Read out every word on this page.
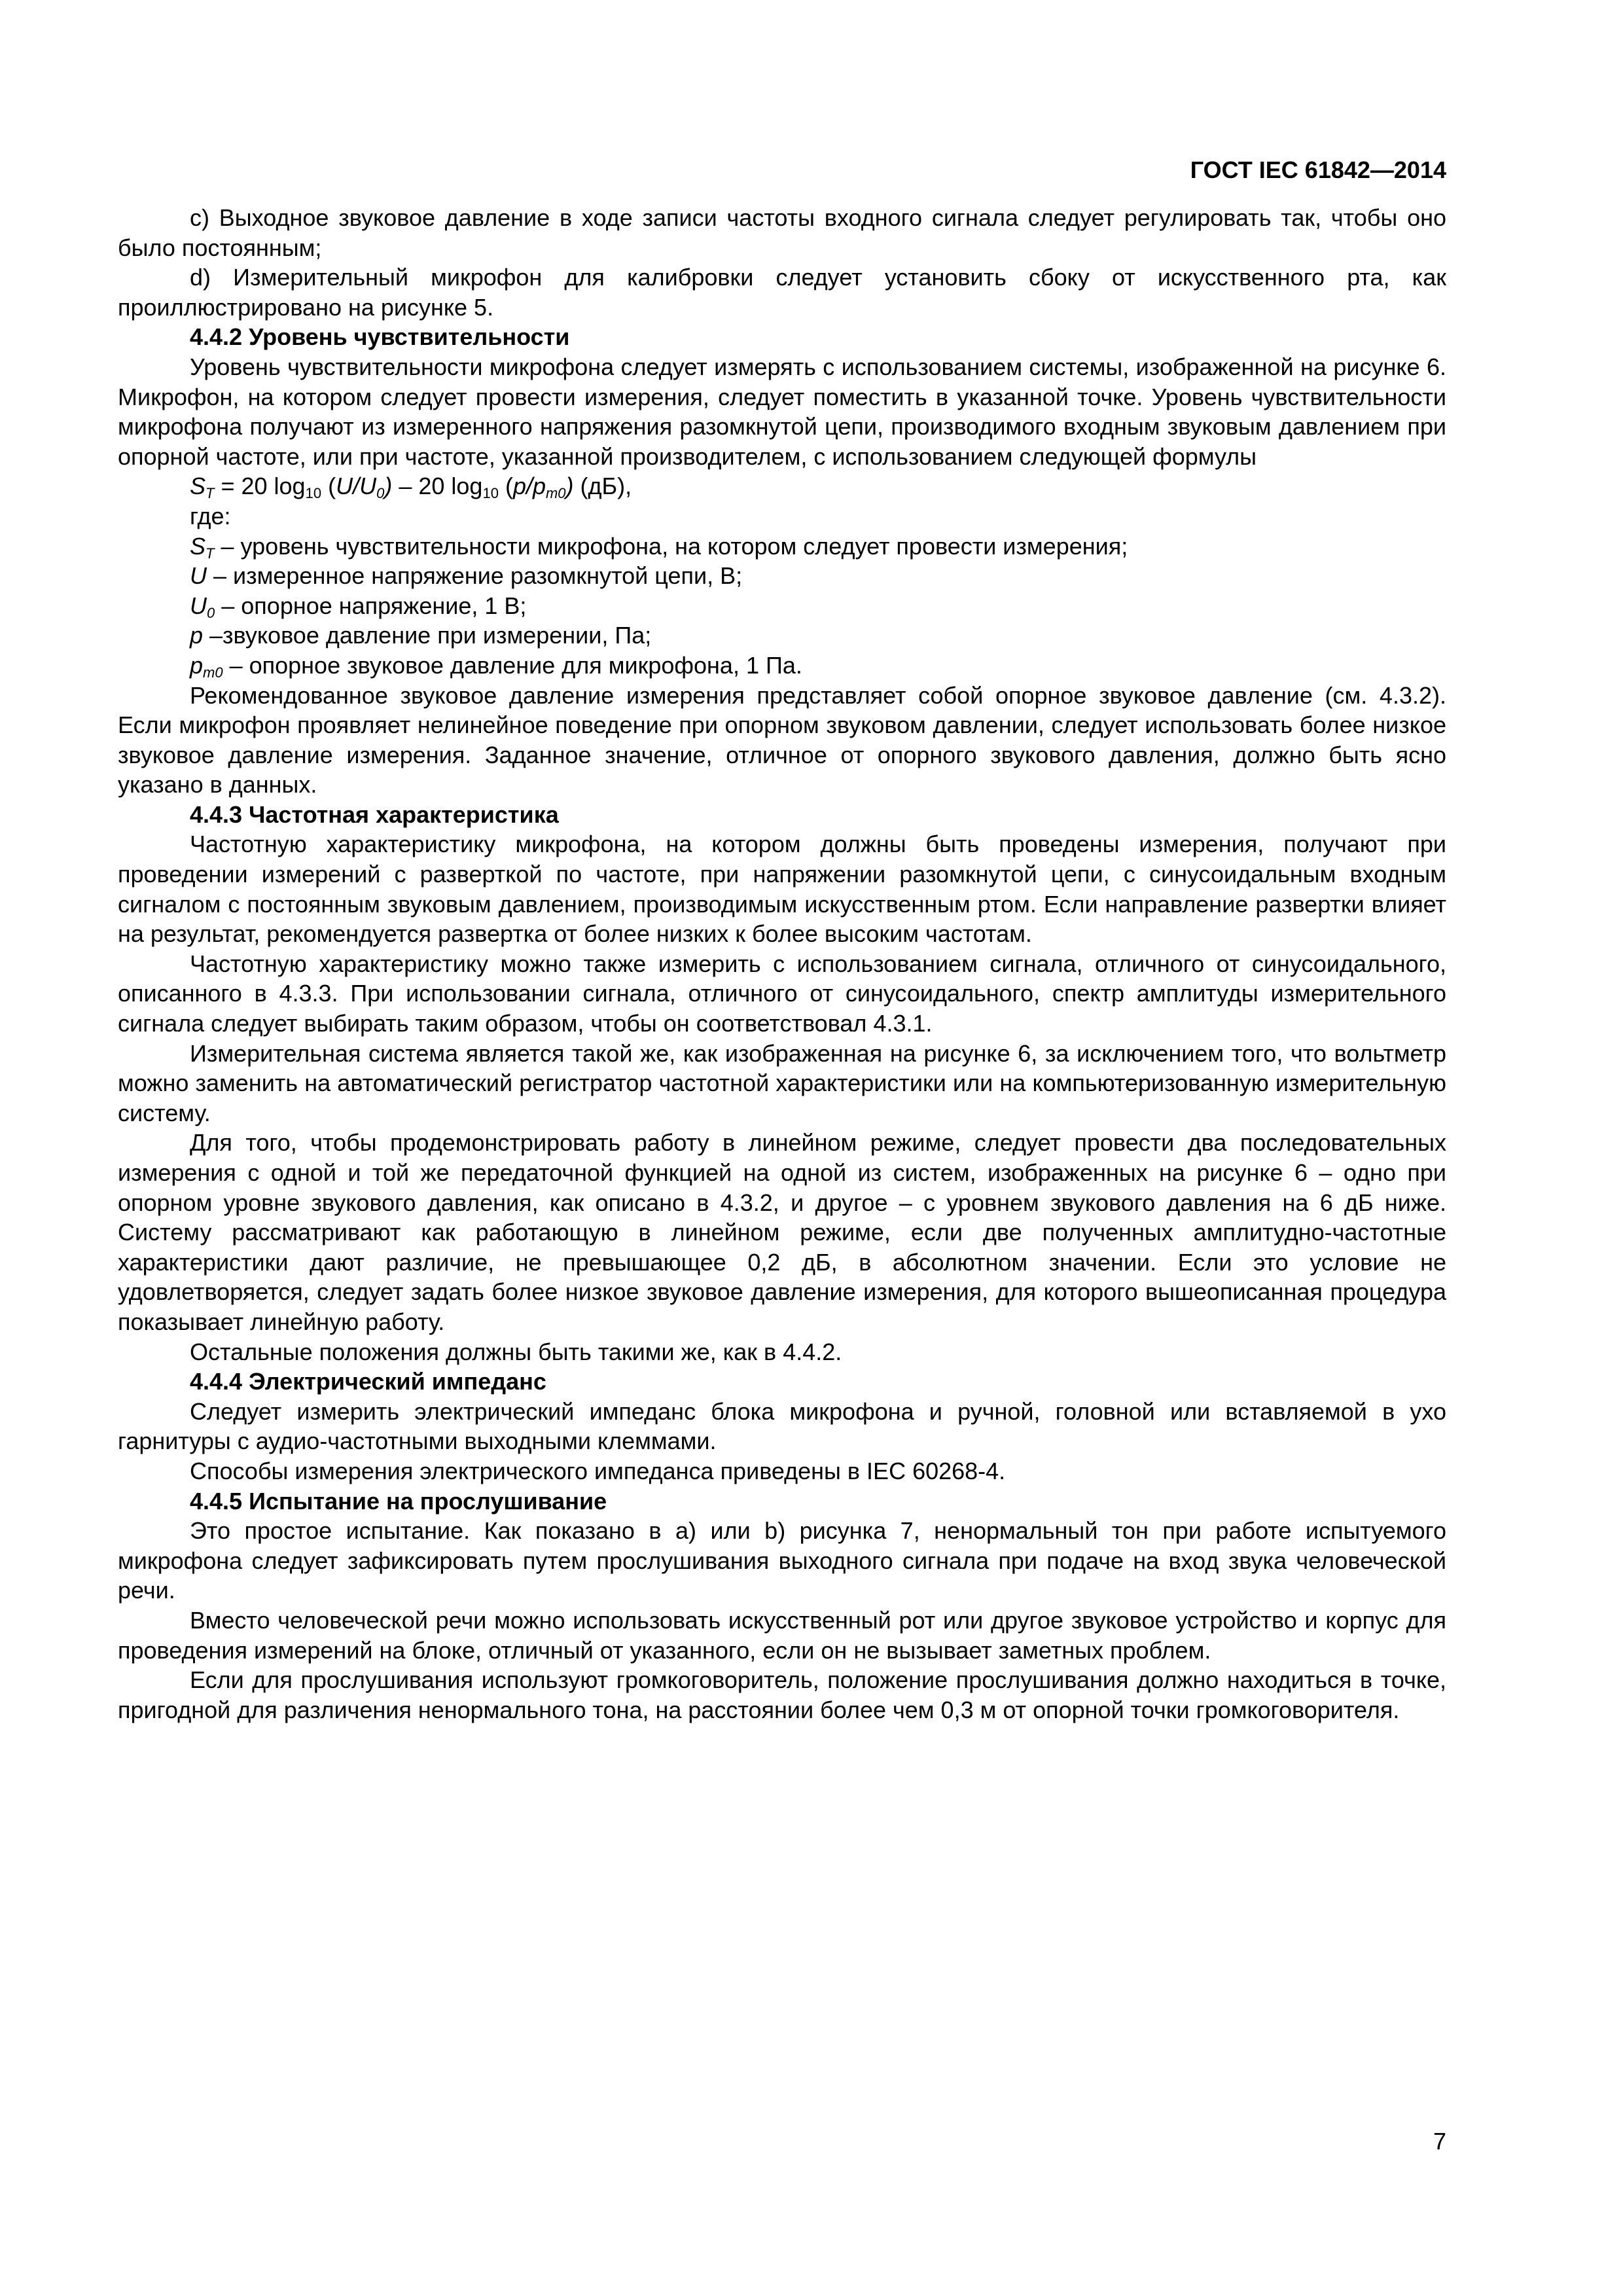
ГОСТ IEC 61842—2014

c) Выходное звуковое давление в ходе записи частоты входного сигнала следует регулировать так, чтобы оно было постоянным;

d) Измерительный микрофон для калибровки следует установить сбоку от искусственного рта, как проиллюстрировано на рисунке 5.

4.4.2 Уровень чувствительности

Уровень чувствительности микрофона следует измерять с использованием системы, изображенной на рисунке 6. Микрофон, на котором следует провести измерения, следует поместить в указанной точке. Уровень чувствительности микрофона получают из измеренного напряжения разомкнутой цепи, производимого входным звуковым давлением при опорной частоте, или при частоте, указанной производителем, с использованием следующей формулы

$S_T = 20$ $\log_{10} (U/U_0) - 20$ $\log_{10} (p/p_{m0})$ (дБ),

где:

$S_T$ – уровень чувствительности микрофона, на котором следует провести измерения;

U – измеренное напряжение разомкнутой цепи, В;

$U_0$ – опорное напряжение, 1 В;

p –звуковое давление при измерении, Па;

$p_{m0}$ – опорное звуковое давление для микрофона, 1 Па.

Рекомендованное звуковое давление измерения представляет собой опорное звуковое давление (см. 4.3.2). Если микрофон проявляет нелинейное поведение при опорном звуковом давлении, следует использовать более низкое звуковое давление измерения. Заданное значение, отличное от опорного звукового давления, должно быть ясно указано в данных.

4.4.3 Частотная характеристика

Частотную характеристику микрофона, на котором должны быть проведены измерения, получают при проведении измерений с разверткой по частоте, при напряжении разомкнутой цепи, с синусоидальным входным сигналом с постоянным звуковым давлением, производимым искусственным ртом. Если направление развертки влияет на результат, рекомендуется развертка от более низких к более высоким частотам.

Частотную характеристику можно также измерить с использованием сигнала, отличного от синусоидального, описанного в 4.3.3. При использовании сигнала, отличного от синусоидального, спектр амплитуды измерительного сигнала следует выбирать таким образом, чтобы он соответствовал 4.3.1.

Измерительная система является такой же, как изображенная на рисунке 6, за исключением того, что вольтметр можно заменить на автоматический регистратор частотной характеристики или на компьютеризованную измерительную систему.

Для того, чтобы продемонстрировать работу в линейном режиме, следует провести два последовательных измерения с одной и той же передаточной функцией на одной из систем, изображенных на рисунке 6 – одно при опорном уровне звукового давления, как описано в 4.3.2, и другое – с уровнем звукового давления на 6 дБ ниже. Систему рассматривают как работающую в линейном режиме, если две полученных амплитудно-частотные характеристики дают различие, не превышающее 0,2 дБ, в абсолютном значении. Если это условие не удовлетворяется, следует задать более низкое звуковое давление измерения, для которого вышеописанная процедура показывает линейную работу.

Остальные положения должны быть такими же, как в 4.4.2.

4.4.4 Электрический импеданс

Следует измерить электрический импеданс блока микрофона и ручной, головной или вставляемой в ухо гарнитуры с аудио-частотными выходными клеммами.

Способы измерения электрического импеданса приведены в IEC 60268-4.

4.4.5 Испытание на прослушивание

Это простое испытание. Как показано в a) или b) рисунка 7, ненормальный тон при работе испытуемого микрофона следует зафиксировать путем прослушивания выходного сигнала при подаче на вход звука человеческой речи.

Вместо человеческой речи можно использовать искусственный рот или другое звуковое устройство и корпус для проведения измерений на блоке, отличный от указанного, если он не вызывает заметных проблем.

Если для прослушивания используют громкоговоритель, положение прослушивания должно находиться в точке, пригодной для различения ненормального тона, на расстоянии более чем 0,3 м от опорной точки громкоговорителя.

7
